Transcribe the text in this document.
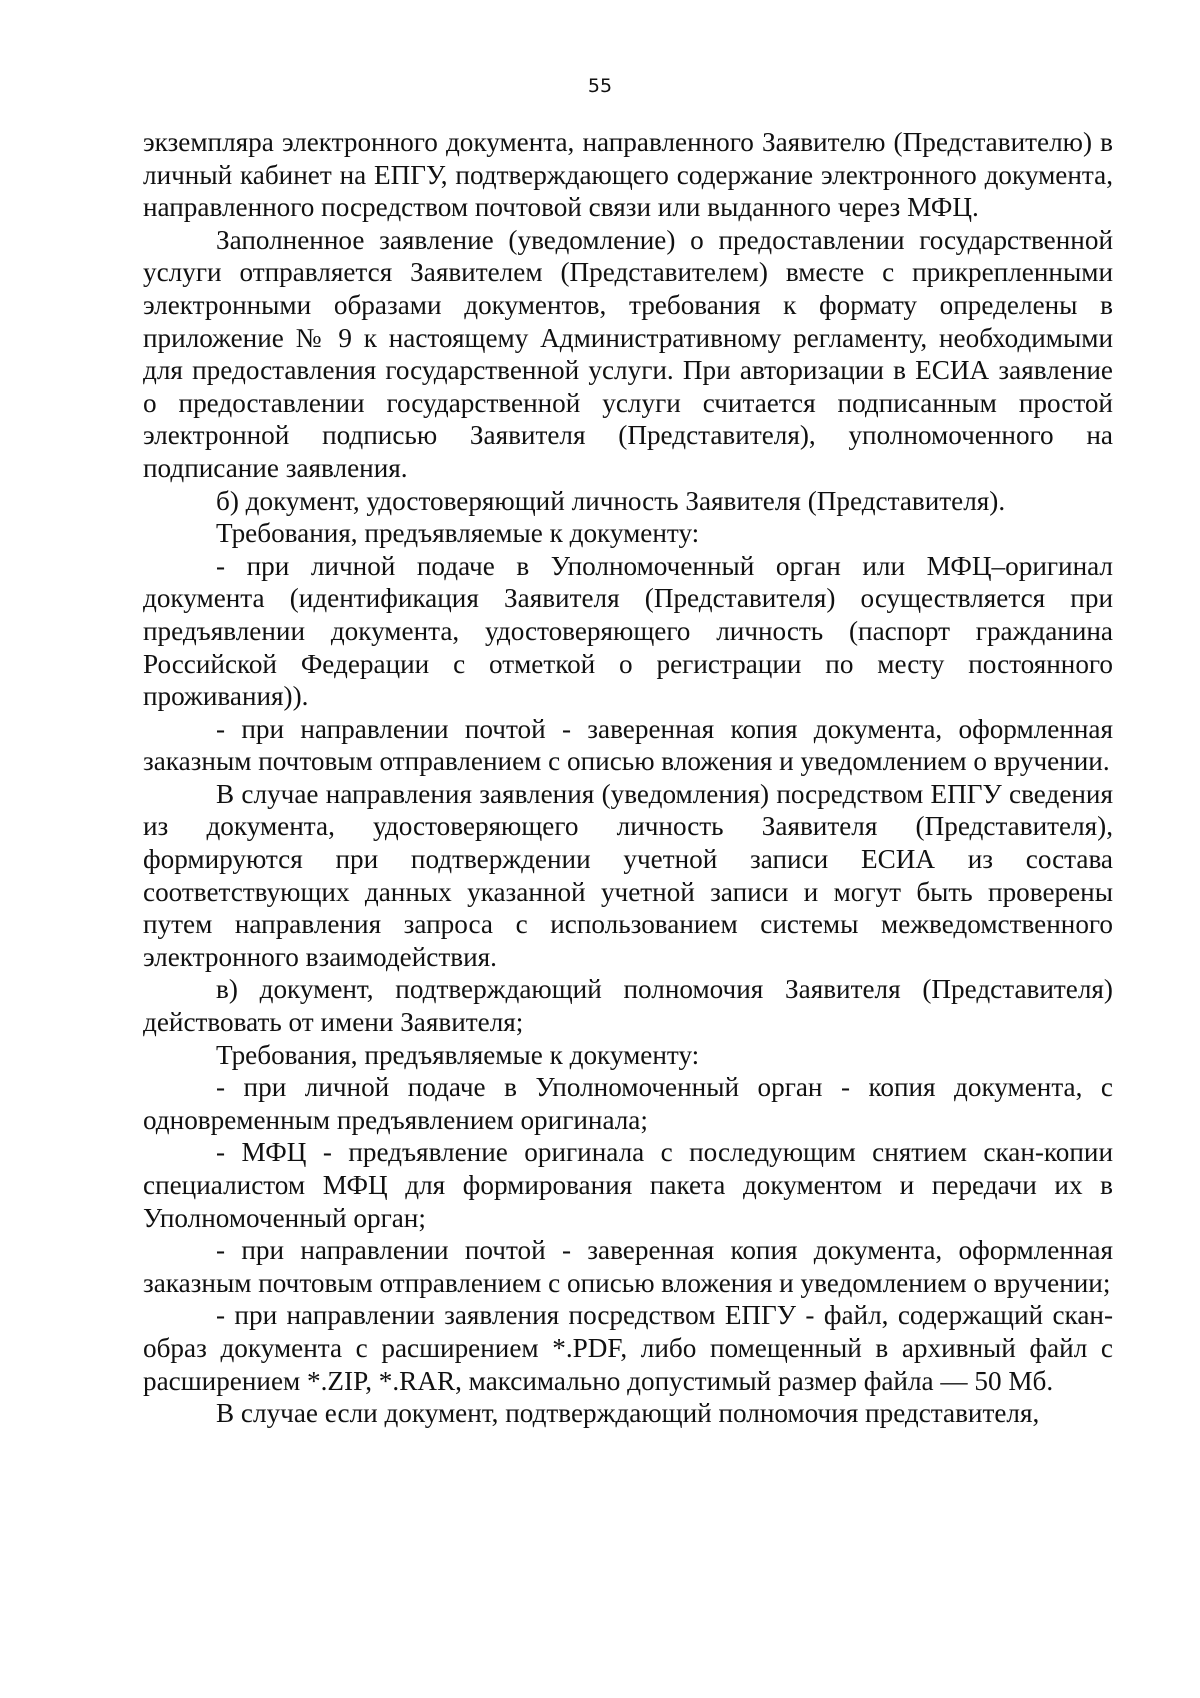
55

экземпляра электронного документа, направленного Заявителю (Представителю) в личный кабинет на ЕПГУ, подтверждающего содержание электронного документа, направленного посредством почтовой связи или выданного через МФЦ.

Заполненное заявление (уведомление) о предоставлении государственной услуги отправляется Заявителем (Представителем) вместе с прикрепленными электронными образами документов, требования к формату определены в приложение № 9 к настоящему Административному регламенту, необходимыми для предоставления государственной услуги. При авторизации в ЕСИА заявление о предоставлении государственной услуги считается подписанным простой электронной подписью Заявителя (Представителя), уполномоченного на подписание заявления.

б) документ, удостоверяющий личность Заявителя (Представителя).

Требования, предъявляемые к документу:

- при личной подаче в Уполномоченный орган или МФЦ–оригинал документа (идентификация Заявителя (Представителя) осуществляется при предъявлении документа, удостоверяющего личность (паспорт гражданина Российской Федерации с отметкой о регистрации по месту постоянного проживания)).

- при направлении почтой - заверенная копия документа, оформленная заказным почтовым отправлением с описью вложения и уведомлением о вручении.

В случае направления заявления (уведомления) посредством ЕПГУ сведения из документа, удостоверяющего личность Заявителя (Представителя), формируются при подтверждении учетной записи ЕСИА из состава соответствующих данных указанной учетной записи и могут быть проверены путем направления запроса с использованием системы межведомственного электронного взаимодействия.

в) документ, подтверждающий полномочия Заявителя (Представителя) действовать от имени Заявителя;

Требования, предъявляемые к документу:

- при личной подаче в Уполномоченный орган - копия документа, с одновременным предъявлением оригинала;

- МФЦ - предъявление оригинала с последующим снятием скан-копии специалистом МФЦ для формирования пакета документом и передачи их в Уполномоченный орган;

- при направлении почтой - заверенная копия документа, оформленная заказным почтовым отправлением с описью вложения и уведомлением о вручении;

- при направлении заявления посредством ЕПГУ - файл, содержащий скан-образ документа с расширением *.PDF, либо помещенный в архивный файл с расширением *.ZIP, *.RAR, максимально допустимый размер файла — 50 Мб.

В случае если документ, подтверждающий полномочия представителя,
